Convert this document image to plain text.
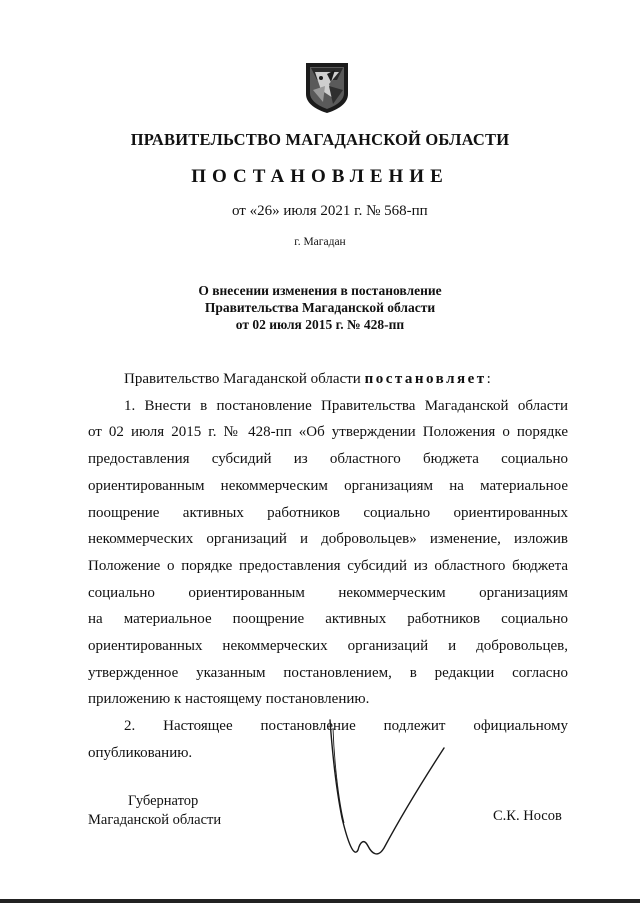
ПРАВИТЕЛЬСТВО МАГАДАНСКОЙ ОБЛАСТИ
ПОСТАНОВЛЕНИЕ
от «26» июля 2021 г. № 568-пп
г. Магадан
О внесении изменения в постановление
Правительства Магаданской области
от 02 июля 2015 г. № 428-пп

Правительство Магаданской области постановляет:

1. Внести в постановление Правительства Магаданской области

от 02 июля 2015 г. № 428-пп «Об утверждении Положения о порядке

предоставления субсидий из областного бюджета социально

ориентированным некоммерческим организациям на материальное

поощрение активных работников социально ориентированных

некоммерческих организаций и добровольцев» изменение, изложив

Положение о порядке предоставления субсидий из областного бюджета

социально ориентированным некоммерческим организациям

на материальное поощрение активных работников социально

ориентированных некоммерческих организаций и добровольцев,

утвержденное указанным постановлением, в редакции согласно

приложению к настоящему постановлению.

2. Настоящее постановление подлежит официальному

опубликованию.

Губернатор
Магаданской области	С.К. Носов
